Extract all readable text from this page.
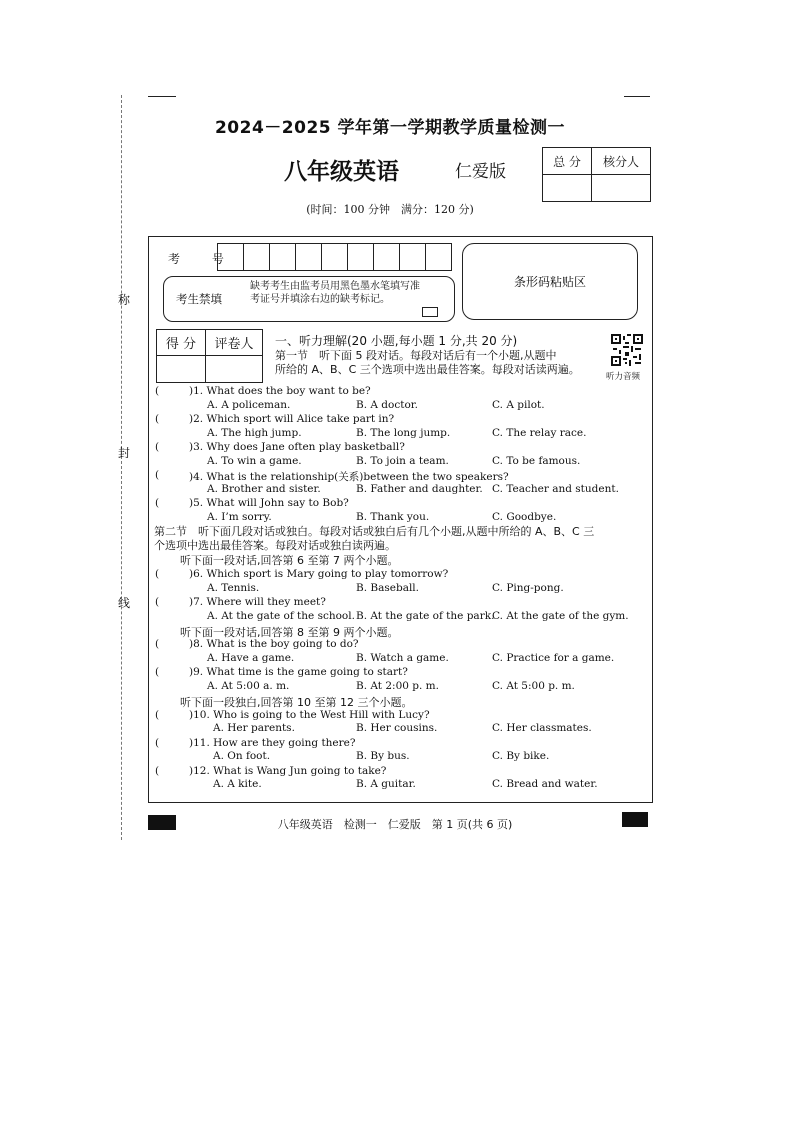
称
封
线
2024－2025 学年第一学期教学质量检测一
八年级英语	仁爱版
(时间：100 分钟　满分：120 分)
总 分	核分人

考 号
考生禁填
缺考考生由监考员用黑色墨水笔填写准考证号并填涂右边的缺考标记。
条形码粘贴区
得 分	评卷人
	一、听力理解(20 小题,每小题 1 分,共 20 分)
第一节　听下面 5 段对话。每段对话后有一个小题,从题中
所给的 A、B、C 三个选项中选出最佳答案。每段对话读两遍。
听力音频
(	)1. What does the boy want to be?
A. A policeman.	B. A doctor.	C. A pilot.
(	)2. Which sport will Alice take part in?
A. The high jump.	B. The long jump.	C. The relay race.
(	)3. Why does Jane often play basketball?
A. To win a game.	B. To join a team.	C. To be famous.
(	)4. What is the relationship(关系)between the two speakers?
A. Brother and sister.	B. Father and daughter. C. Teacher and student.
(	)5. What will John say to Bob?
A. I’m sorry.	B. Thank you.	C. Goodbye.
(	)6. Which sport is Mary going to play tomorrow?
A. Tennis.	B. Baseball.	C. Ping-pong.
(	)7. Where will they meet?
A. At the gate of the school. B. At the gate of the park.
C. At the gate of the gym.
(	)8. What is the boy going to do?
A. Have a game.	B. Watch a game.	C. Practice for a game.
(	)9. What time is the game going to start?
A. At 5:00 a. m.	B. At 2:00 p. m.	C. At 5:00 p. m.
(	)10. Who is going to the West Hill with Lucy?
A. Her parents.	B. Her cousins.	C. Her classmates.
(	)11. How are they going there?
A. On foot.	B. By bus.	C. By bike.
(	)12. What is Wang Jun going to take?
A. A kite.	B. A guitar.	C. Bread and water.
第二节　听下面几段对话或独白。每段对话或独白后有几个小题,从题中所给的 A、B、C 三
个选项中选出最佳答案。每段对话或独白读两遍。
听下面一段对话,回答第 6 至第 7 两个小题。
听下面一段对话,回答第 8 至第 9 两个小题。
听下面一段独白,回答第 10 至第 12 三个小题。
八年级英语　检测一　仁爱版　第 1 页(共 6 页)
